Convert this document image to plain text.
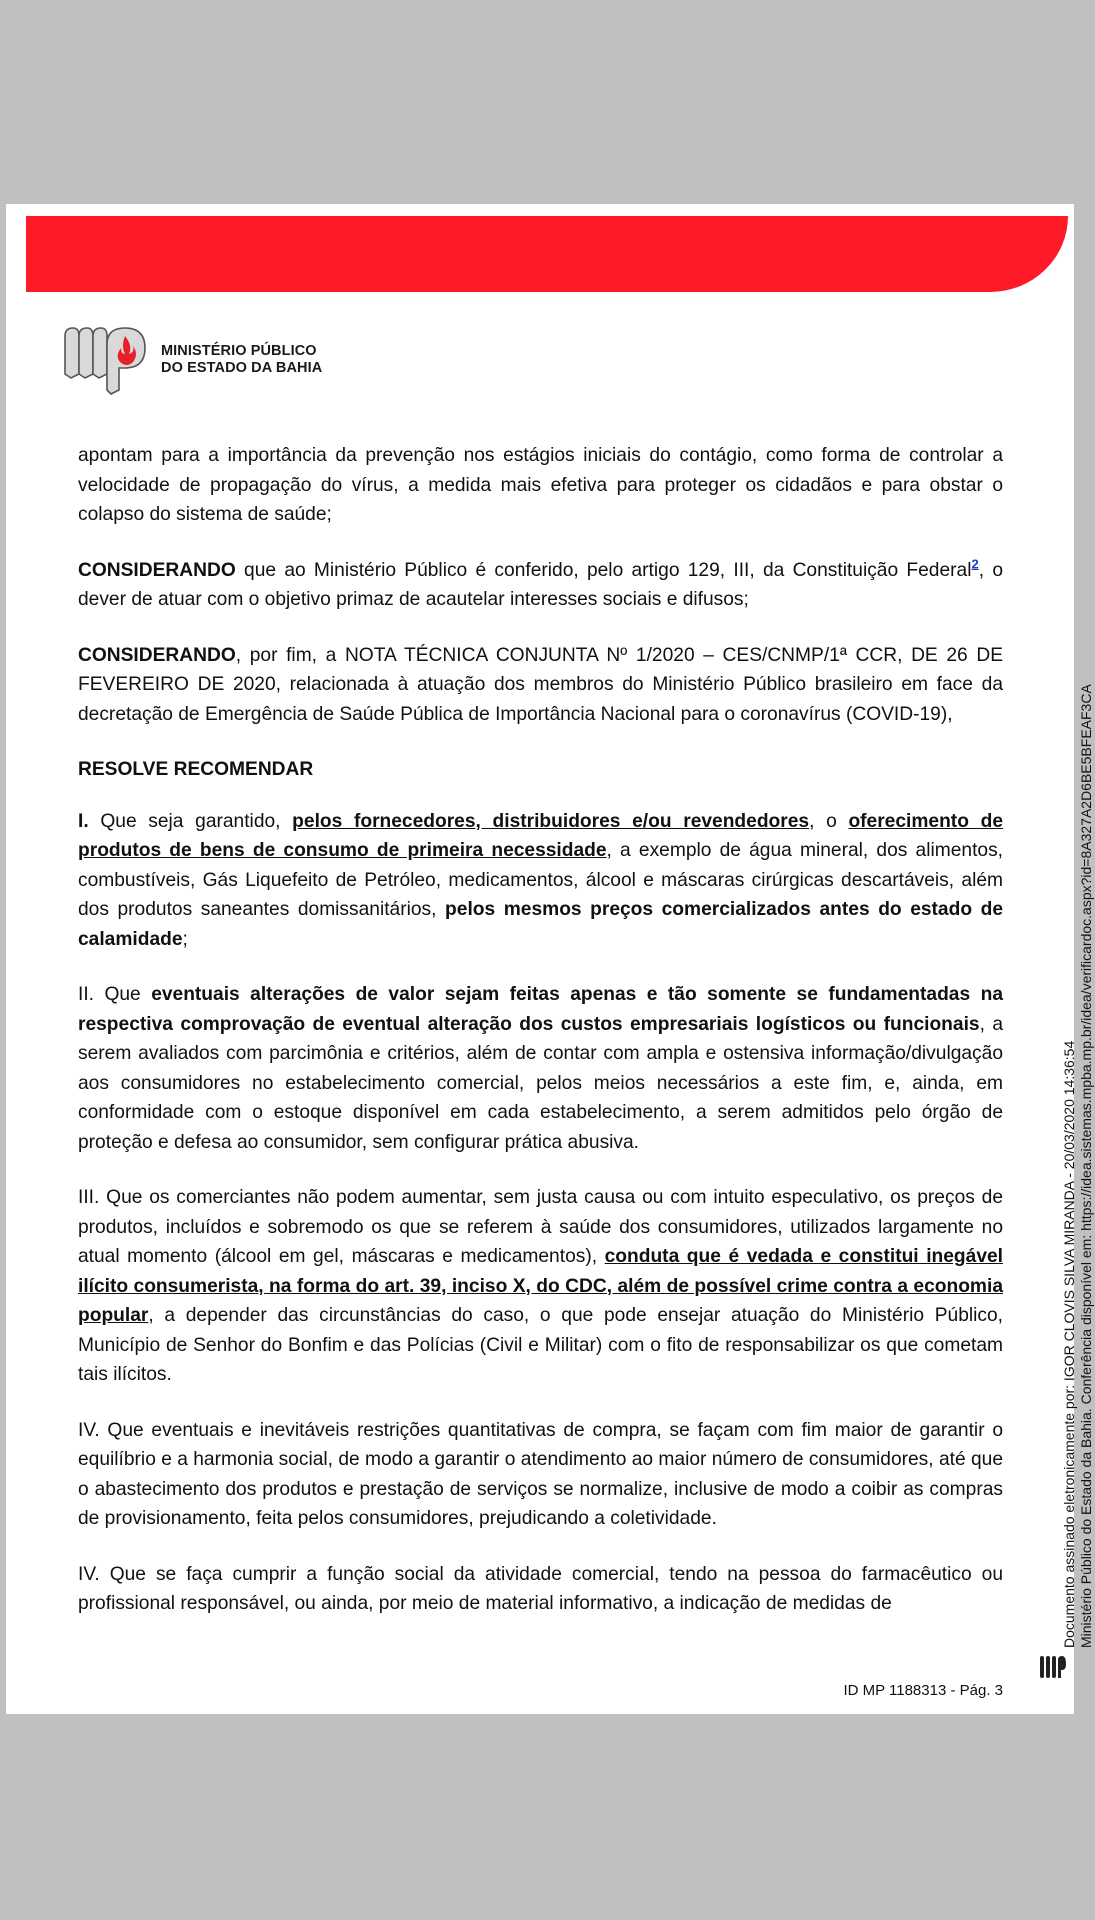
MINISTÉRIO PÚBLICO
DO ESTADO DA BAHIA

apontam para a importância da prevenção nos estágios iniciais do contágio, como forma de controlar a velocidade de propagação do vírus, a medida mais efetiva para proteger os cidadãos e para obstar o colapso do sistema de saúde;

CONSIDERANDO que ao Ministério Público é conferido, pelo artigo 129, III, da Constituição Federal$^2$, o dever de atuar com o objetivo primaz de acautelar interesses sociais e difusos;

CONSIDERANDO, por fim, a NOTA TÉCNICA CONJUNTA Nº 1/2020 – CES/CNMP/1ª CCR, DE 26 DE FEVEREIRO DE 2020, relacionada à atuação dos membros do Ministério Público brasileiro em face da decretação de Emergência de Saúde Pública de Importância Nacional para o coronavírus (COVID-19),

RESOLVE RECOMENDAR

I. Que seja garantido, pelos fornecedores, distribuidores e/ou revendedores, o oferecimento de produtos de bens de consumo de primeira necessidade, a exemplo de água mineral, dos alimentos, combustíveis, Gás Liquefeito de Petróleo, medicamentos, álcool e máscaras cirúrgicas descartáveis, além dos produtos saneantes domissanitários, pelos mesmos preços comercializados antes do estado de calamidade;

II. Que eventuais alterações de valor sejam feitas apenas e tão somente se fundamentadas na respectiva comprovação de eventual alteração dos custos empresariais logísticos ou funcionais, a serem avaliados com parcimônia e critérios, além de contar com ampla e ostensiva informação/divulgação aos consumidores no estabelecimento comercial, pelos meios necessários a este fim, e, ainda, em conformidade com o estoque disponível em cada estabelecimento, a serem admitidos pelo órgão de proteção e defesa ao consumidor, sem configurar prática abusiva.

III. Que os comerciantes não podem aumentar, sem justa causa ou com intuito especulativo, os preços de produtos, incluídos e sobremodo os que se referem à saúde dos consumidores, utilizados largamente no atual momento (álcool em gel, máscaras e medicamentos), conduta que é vedada e constitui inegável ilícito consumerista, na forma do art. 39, inciso X, do CDC, além de possível crime contra a economia popular, a depender das circunstâncias do caso, o que pode ensejar atuação do Ministério Público, Município de Senhor do Bonfim e das Polícias (Civil e Militar) com o fito de responsabilizar os que cometam tais ilícitos.

IV. Que eventuais e inevitáveis restrições quantitativas de compra, se façam com fim maior de garantir o equilíbrio e a harmonia social, de modo a garantir o atendimento ao maior número de consumidores, até que o abastecimento dos produtos e prestação de serviços se normalize, inclusive de modo a coibir as compras de provisionamento, feita pelos consumidores, prejudicando a coletividade.

IV. Que se faça cumprir a função social da atividade comercial, tendo na pessoa do farmacêutico ou profissional responsável, ou ainda, por meio de material informativo, a indicação de medidas de

ID MP 1188313 - Pág. 3
Documento assinado eletronicamente por: IGOR CLOVIS SILVA MIRANDA - 20/03/2020 14:36:54 Ministério Público do Estado da Bahia. Conferência disponível em: https://idea.sistemas.mpba.mp.br/idea/verificardoc.aspx?id=8A327A2D6BE5BFEAF3CA
